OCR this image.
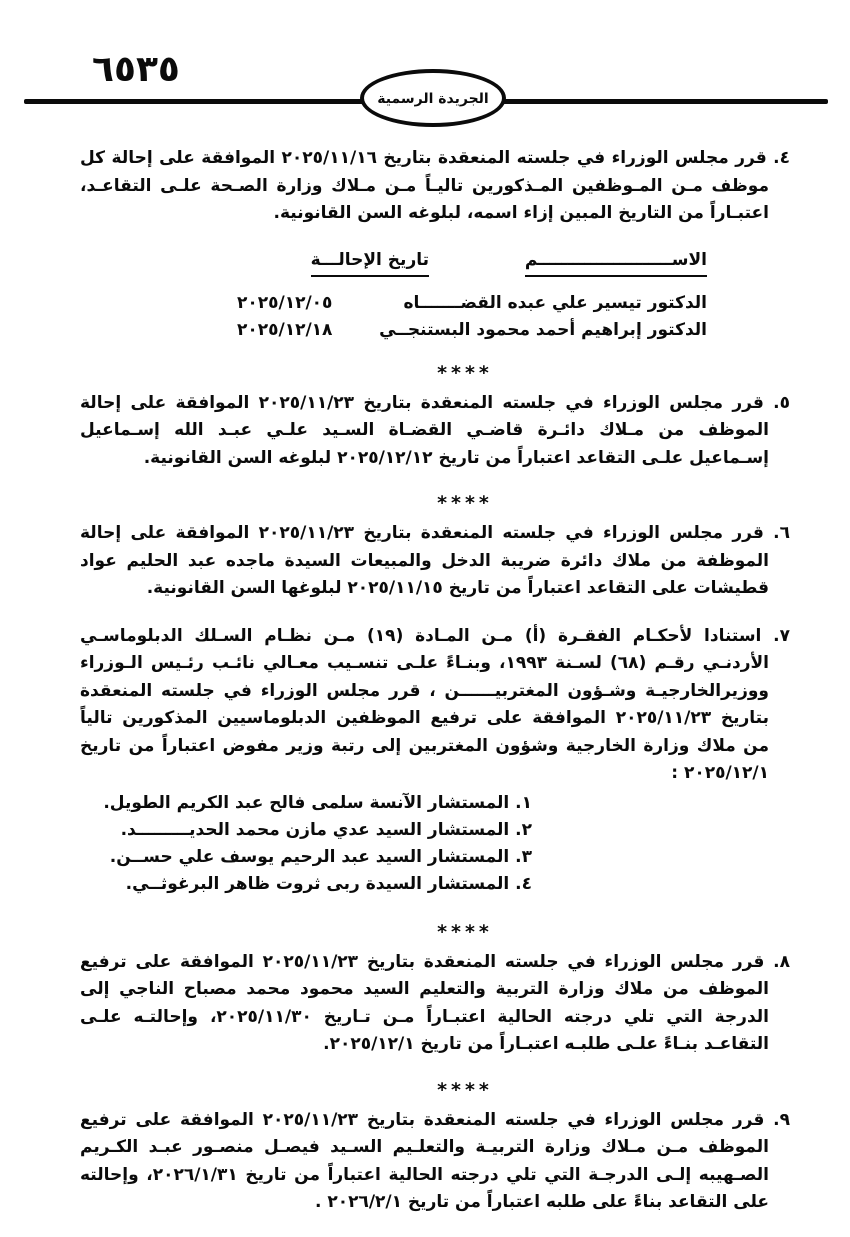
٦٥٣٥
الجريدة الرسمية

٤. قرر مجلس الوزراء في جلسته المنعقدة بتاريخ ٢٠٢٥/١١/١٦ الموافقة على إحالة كل موظف مـن المـوظفين المـذكورين تاليـاً مـن مـلاك وزارة الصـحة علـى التقاعـد، اعتبـاراً من التاريخ المبين إزاء اسمه، لبلوغه السن القانونية.

الاســـــــــــــــــــــــم
الدكتور تيسير علي عبده القضـــــــاه
الدكتور إبراهيم أحمد محمود البستنجــي
تاريخ الإحالـــة
٢٠٢٥/١٢/٠٥
٢٠٢٥/١٢/١٨
****

٥. قرر مجلس الوزراء في جلسته المنعقدة بتاريخ ٢٠٢٥/١١/٢٣ الموافقة على إحالة الموظف من مـلاك دائـرة قاضـي القضـاة السـيد علـي عبـد الله إسـماعيل إسـماعيل علـى التقاعد اعتباراً من تاريخ ٢٠٢٥/١٢/١٢ لبلوغه السن القانونية.

****

٦. قرر مجلس الوزراء في جلسته المنعقدة بتاريخ ٢٠٢٥/١١/٢٣ الموافقة على إحالة الموظفة من ملاك دائرة ضريبة الدخل والمبيعات السيدة ماجده عبد الحليم عواد قطيشات على التقاعد اعتباراً من تاريخ ٢٠٢٥/١١/١٥ لبلوغها السن القانونية.

٧. استنادا لأحكـام الفقـرة (أ) مـن المـادة (١٩) مـن نظـام السـلك الدبلوماسـي الأردنـي رقـم (٦٨) لسـنة ١٩٩٣، وبنـاءً علـى تنسـيب معـالي نائـب رئـيس الـوزراء ووزيرالخارجيـة وشـؤون المغتربيــــــن ، قرر مجلس الوزراء في جلسته المنعقدة بتاريخ ٢٠٢٥/١١/٢٣ الموافقة على ترفيع الموظفين الدبلوماسيين المذكورين تالياً من ملاك وزارة الخارجية وشؤون المغتربين إلى رتبة وزير مفوض اعتباراً من تاريخ ٢٠٢٥/١٢/١ :

١. المستشار الآنسة سلمى فالح عبد الكريم الطويل.
٢. المستشار السيد عدي مازن محمد الحديـــــــــد.
٣. المستشار السيد عبد الرحيم يوسف علي حســن.
٤. المستشار السيدة ربى ثروت ظاهر البرغوثــي.
****

٨. قرر مجلس الوزراء في جلسته المنعقدة بتاريخ ٢٠٢٥/١١/٢٣ الموافقة على ترفيع الموظف من ملاك وزارة التربية والتعليم السيد محمود محمد مصباح الناجي إلى الدرجة التي تلي درجته الحالية اعتبـاراً مـن تـاريخ ٢٠٢٥/١١/٣٠، وإحالتـه علـى التقاعـد بنـاءً علـى طلبـه اعتبـاراً من تاريخ ٢٠٢٥/١٢/١.

****

٩. قرر مجلس الوزراء في جلسته المنعقدة بتاريخ ٢٠٢٥/١١/٢٣ الموافقة على ترفيع الموظف مـن مـلاك وزارة التربيـة والتعلـيم السـيد فيصـل منصـور عبـد الكـريم الصـهيبه إلـى الدرجـة التي تلي درجته الحالية اعتباراً من تاريخ ٢٠٢٦/١/٣١، وإحالته على التقاعد بناءً على طلبه اعتباراً من تاريخ ٢٠٢٦/٢/١ .
